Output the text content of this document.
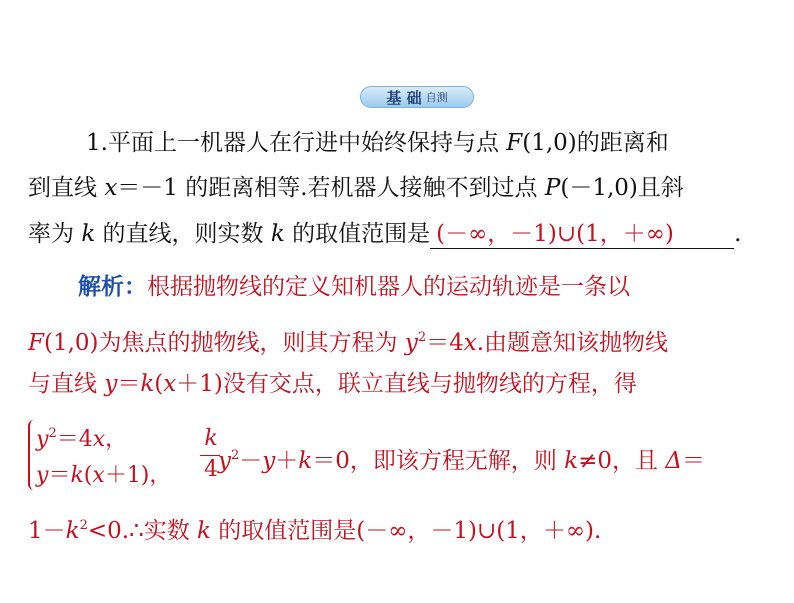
基 础 自测
1.平面上一机器人在行进中始终保持与点 F(1,0)的距离和
到直线 x＝－1 的距离相等.若机器人接触不到过点 P(－1,0)且斜
率为 k 的直线，则实数 k 的取值范围是 (－∞，－1)∪(1，＋∞)	.
解析：根据抛物线的定义知机器人的运动轨迹是一条以
F(1,0)为焦点的抛物线，则其方程为 $y^2=4x$.由题意知该抛物线
与直线 y＝k(x＋1)没有交点，联立直线与抛物线的方程，得
$y^2=4x$，
y＝k(x＋1)，
k
4 $y^2-y+k=0$，即该方程无解，则 k≠0，且 Δ＝
$1-k^2<0.\therefore$实数 k 的取值范围是(－∞，－1)∪(1，＋∞).
